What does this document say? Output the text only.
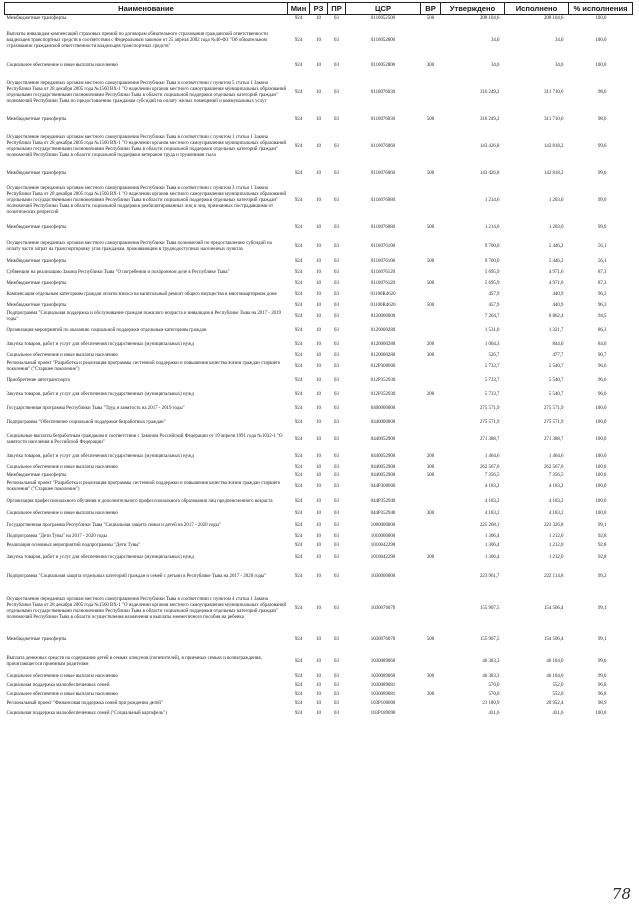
Наименование	Мин	РЗ	ПР	ЦСР	ВР	Утверждено	Исполнено	% исполнения
Межбюджетные трансферты	924	10	03	0110052500	500	208 104,6	208 104,6	100,0
Выплаты инвалидам компенсаций страховых премий по договорам обязательного страхования гражданской ответственности владельцев транспортных средств в соответствии с Федеральным законом от 25 апреля 2002 года №40-ФЗ "Об обязательном страховании гражданской ответственности владельцев транспортных средств"	924	10	03	0110052800		34,0	34,0	100,0
Социальное обеспечение и иные выплаты населению	924	10	03	0110052800	300	34,0	34,0	100,0
Осуществление переданных органам местного самоуправления Республики Тыва в соответствии с пунктом 5 статьи 1 Закона Республики Тыва от 28 декабря 2005 года №1560 ВХ-1 "О наделении органов местного самоуправления муниципальных образований отдельными государственными полномочиями Республики Тыва в области социальной поддержки отдельных категорий граждан" полномочий Республики Тыва по предоставлению гражданам субсидий на оплату жилых помещений и коммунальных услуг	924	10	03	0110076030		316 249,2	311 710,6	98,6
Межбюджетные трансферты	924	10	03	0110076030	500	316 249,2	311 710,6	98,6
Осуществление переданных органам местного самоуправления Республики Тыва в соответствии с пунктом 1 статьи 1 Закона Республики Тыва от 28 декабря 2005 года №1560 ВХ-1 "О наделении органов местного самоуправления муниципальных образований отдельными государственными полномочиями Республики Тыва в области социальной поддержки отдельных категорий граждан" полномочий Республики Тыва в области социальной поддержки ветеранов труда и тружеников тыла	924	10	03	0110076060		143 426,8	142 818,2	99,6
Межбюджетные трансферты	924	10	03	0110076060	500	143 426,8	142 818,2	99,6
Осуществление переданных органам местного самоуправления Республики Тыва в соответствии с пунктом 3 статьи 1 Закона Республики Тыва от 28 декабря 2005 года №1560 ВХ-1 "О наделении органов местного самоуправления муниципальных образований отдельными государственными полномочиями Республики Тыва в области социальной поддержки отдельных категорий граждан" полномочий Республики Тыва в области социальной поддержки реабилитированных лиц и лиц, признанных пострадавшими от политических репрессий	924	10	03	0110076080		1 214,6	1 203,0	99,0
Межбюджетные трансферты	924	10	03	0110076080	500	1 214,6	1 203,0	99,0
Осуществление переданных органам местного самоуправления Республики Тыва полномочий по предоставлению субсидий на оплату части затрат на транспортировку угля гражданам, проживающим в труднодоступных населенных пунктах	924	10	03	0110076100		9 700,0	5 446,2	56,1
Межбюджетные трансферты	924	10	03	0110076100	500	9 700,0	5 446,2	56,1
Субвенции на реализацию Закона Республики Тыва "О погребении и похоронном деле в Республике Тыва"	924	10	03	0110076120		5 695,9	4 971,6	87,3
Межбюджетные трансферты	924	10	03	0110076120	500	5 695,9	4 971,6	87,3
Компенсация отдельным категориям граждан оплаты взноса на капитальный ремонт общего имущества в многоквартирном доме	924	10	03	01100R4620		457,9	440,9	96,3
Межбюджетные трансферты	924	10	03	01100R4620	500	457,9	440,9	96,3
Подпрограмма "Социальная поддержка и обслуживание граждан пожилого возраста и инвалидов в Республике Тыва на 2017 - 2019 годы"	924	10	03	0120000000		7 264,7	6 862,4	94,5
Организация мероприятий по оказанию социальной поддержки отдельным категориям граждан	924	10	03	0120000280		1 531,0	1 321,7	86,3
Закупка товаров, работ и услуг для обеспечения государственных (муниципальных) нужд	924	10	03	0120000280	200	1 004,3	844,0	84,0
Социальное обеспечение и иные выплаты населению	924	10	03	0120000280	300	526,7	477,7	90,7
Региональный проект "Разработка и реализация программы системной поддержки и повышения качества жизни граждан старшего поколения" ("Старшее поколение")	924	10	03	012P300000		5 733,7	5 540,7	96,6
Приобретение автотранспорта	924	10	03	012P352930		5 733,7	5 540,7	96,6
Закупка товаров, работ и услуг для обеспечения государственных (муниципальных) нужд	924	10	03	012P352930	200	5 733,7	5 540,7	96,6
Государственная программа Республики Тыва "Труд и занятость на 2017 - 2019 годы"	924	10	03	0400000000		275 571,9	275 571,9	100,0
Подпрограмма "Обеспечение социальной поддержки безработных граждан"	924	10	03	0440000000		275 571,9	275 571,9	100,0
Социальные выплаты безработным гражданам в соответствии с Законом Российской Федерации от 19 апреля 1991 года №1032-1 "О занятости населения в Российской Федерации"	924	10	03	0440052900		271 388,7	271 388,7	100,0
Закупка товаров, работ и услуг для обеспечения государственных (муниципальных) нужд	924	10	03	0440052900	200	1 464,6	1 464,6	100,0
Социальное обеспечение и иные выплаты населению	924	10	03	0440052900	300	262 567,6	262 567,6	100,0
Межбюджетные трансферты	924	10	03	0440052900	500	7 356,5	7 356,5	100,0
Региональный проект "Разработка и реализация программы системной поддержки и повышения качества жизни граждан старшего поколения" ("Старшее поколение")	924	10	03	044P300000		4 183,2	4 183,2	100,0
Организация профессионального обучения и дополнительного профессионального образования лиц предпенсионного возраста	924	10	03	044P352940		4 183,2	4 183,2	100,0
Социальное обеспечение и иные выплаты населению	924	10	03	044P352940	300	4 183,2	4 183,2	100,0
Государственная программа Республики Тыва "Социальная защита семьи и детей на 2017 - 2020 годы"	924	10	03	1000000000		225 268,1	223 326,8	99,1
Подпрограмма "Дети Тувы" на 2017 - 2020 годы	924	10	03	1010000000		1 306,4	1 212,0	92,8
Реализация основных мероприятий подпрограммы "Дети Тувы"	924	10	03	1010042290		1 306,4	1 212,0	92,8
Закупка товаров, работ и услуг для обеспечения государственных (муниципальных) нужд	924	10	03	1010042290	200	1 306,4	1 212,0	92,8
Подпрограмма "Социальная защита отдельных категорий граждан и семей с детьми в Республике Тыва на 2017 - 2020 годы"	924	10	03	1030000000		223 961,7	222 114,8	99,2
Осуществление переданных органам местного самоуправления Республики Тыва в соответствии с пунктом 4 статьи 1 Закона Республики Тыва от 28 декабря 2005 года №1560 ВХ-1 "О наделении органов местного самоуправления муниципальных образований отдельными государственными полномочиями Республики Тыва в области социальной поддержки отдельных категорий граждан" полномочий Республики Тыва в области осуществления назначения и выплаты ежемесячного пособия на ребенка	924	10	03	1030076070		155 907,5	154 506,4	99,1
Межбюджетные трансферты	924	10	03	1030076070	500	155 907,5	154 506,4	99,1
Выплата денежных средств на содержание детей в семьях опекунов (попечителей), в приемных семьях и вознаграждения, причитающегося приемным родителям	924	10	03	1030089060		46 303,3	46 104,0	99,6
Социальное обеспечение и иные выплаты населению	924	10	03	1030089060	300	46 303,3	46 104,0	99,6
Социальная поддержка малообеспеченных семей	924	10	03	1030089081		570,0	552,0	96,8
Социальное обеспечение и иные выплаты населению	924	10	03	1030089081	300	570,0	552,0	96,8
Региональный проект "Финансовая поддержка семей при рождении детей"	924	10	03	103P100000		21 180,9	20 952,4	98,9
Социальная поддержка малообеспеченных семей ("Социальный картофель")	924	10	03	103P189090		431,6	431,6	100,0
78
